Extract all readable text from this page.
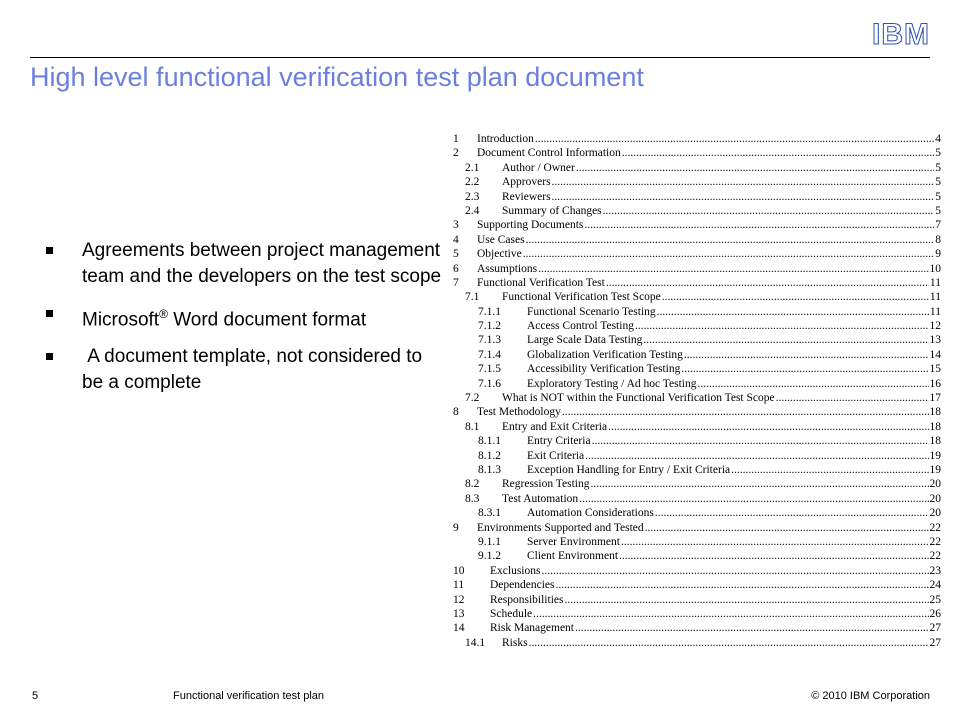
IBM
High level functional verification test plan document
Agreements between project management team and the developers on the test scope
Microsoft® Word document format
A document template, not considered to be a complete
1	Introduction .....	4
2	Document Control Information .....	5
2.1	Author / Owner .....	5
2.2	Approvers .....	5
2.3	Reviewers .....	5
2.4	Summary of Changes .....	5
3	Supporting Documents .....	7
4	Use Cases .....	8
5	Objective .....	9
6	Assumptions .....	10
7	Functional Verification Test .....	11
7.1	Functional Verification Test Scope .....	11
7.1.1	Functional Scenario Testing .....	11
7.1.2	Access Control Testing .....	12
7.1.3	Large Scale Data Testing .....	13
7.1.4	Globalization Verification Testing .....	14
7.1.5	Accessibility Verification Testing .....	15
7.1.6	Exploratory Testing / Ad hoc Testing .....	16
7.2	What is NOT within the Functional Verification Test Scope .....	17
8	Test Methodology .....	18
8.1	Entry and Exit Criteria .....	18
8.1.1	Entry Criteria .....	18
8.1.2	Exit Criteria .....	19
8.1.3	Exception Handling for Entry / Exit Criteria .....	19
8.2	Regression Testing .....	20
8.3	Test Automation .....	20
8.3.1	Automation Considerations .....	20
9	Environments Supported and Tested .....	22
9.1.1	Server Environment .....	22
9.1.2	Client Environment .....	22
10	Exclusions .....	23
11	Dependencies .....	24
12	Responsibilities .....	25
13	Schedule .....	26
14	Risk Management .....	27
14.1	Risks .....	27
5	Functional verification test plan	© 2010 IBM Corporation
